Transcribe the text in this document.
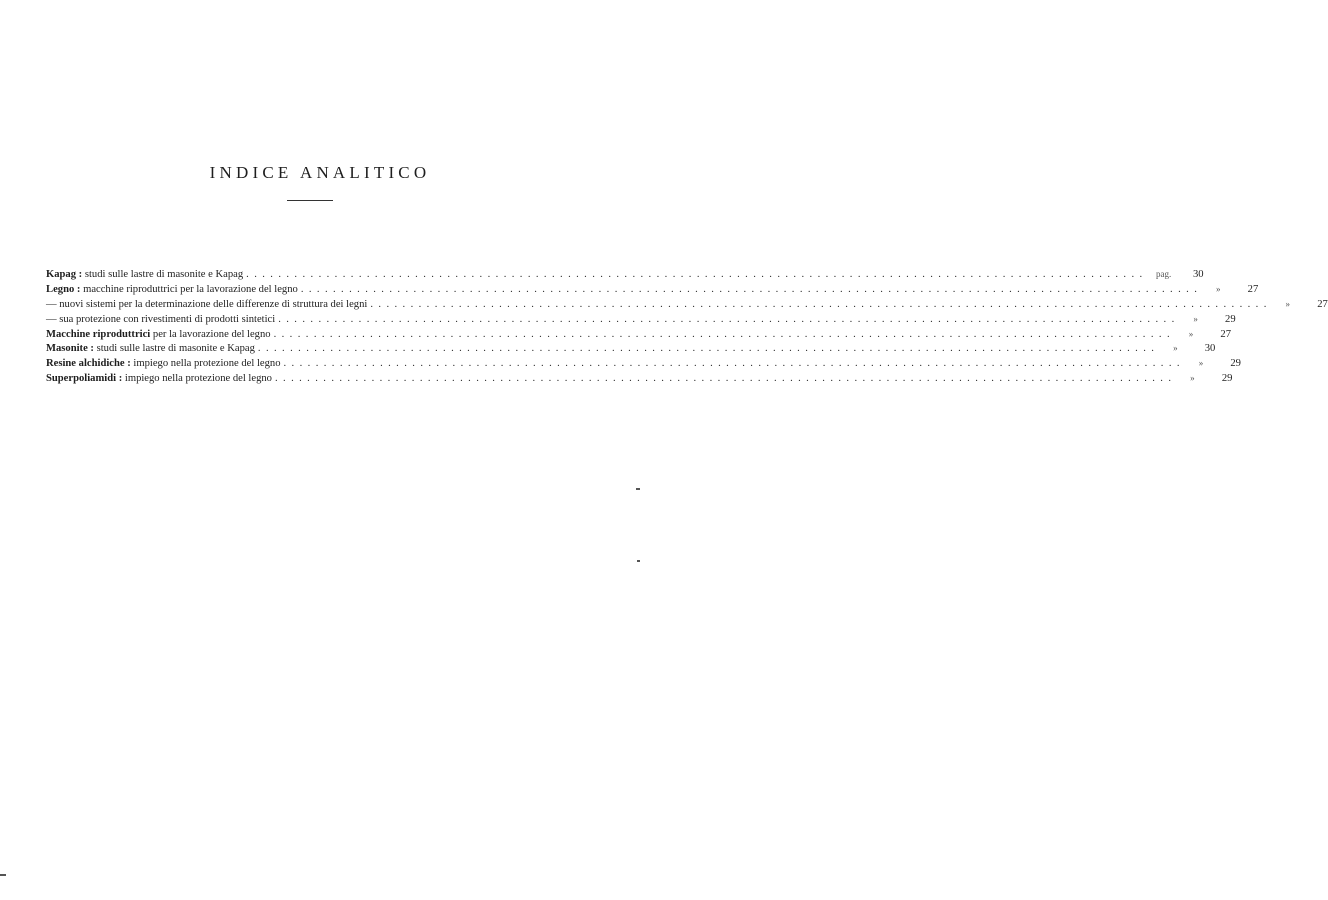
INDICE ANALITICO
Kapag : studi sulle lastre di masonite e Kapag ................................................................................................................ pag.	30
Legno : macchine riproduttrici per la lavorazione del legno ................................................................................................................	»	27
— nuovi sistemi per la determinazione delle differenze di struttura dei legni ................................................................................................................	»	27
— sua protezione con rivestimenti di prodotti sintetici ................................................................................................................	»	29
Macchine riproduttrici per la lavorazione del legno ................................................................................................................	»	27
Masonite : studi sulle lastre di masonite e Kapag ................................................................................................................	»	30
Resine alchidiche : impiego nella protezione del legno ................................................................................................................	»	29
Superpoliamidi : impiego nella protezione del legno ................................................................................................................	»	29
